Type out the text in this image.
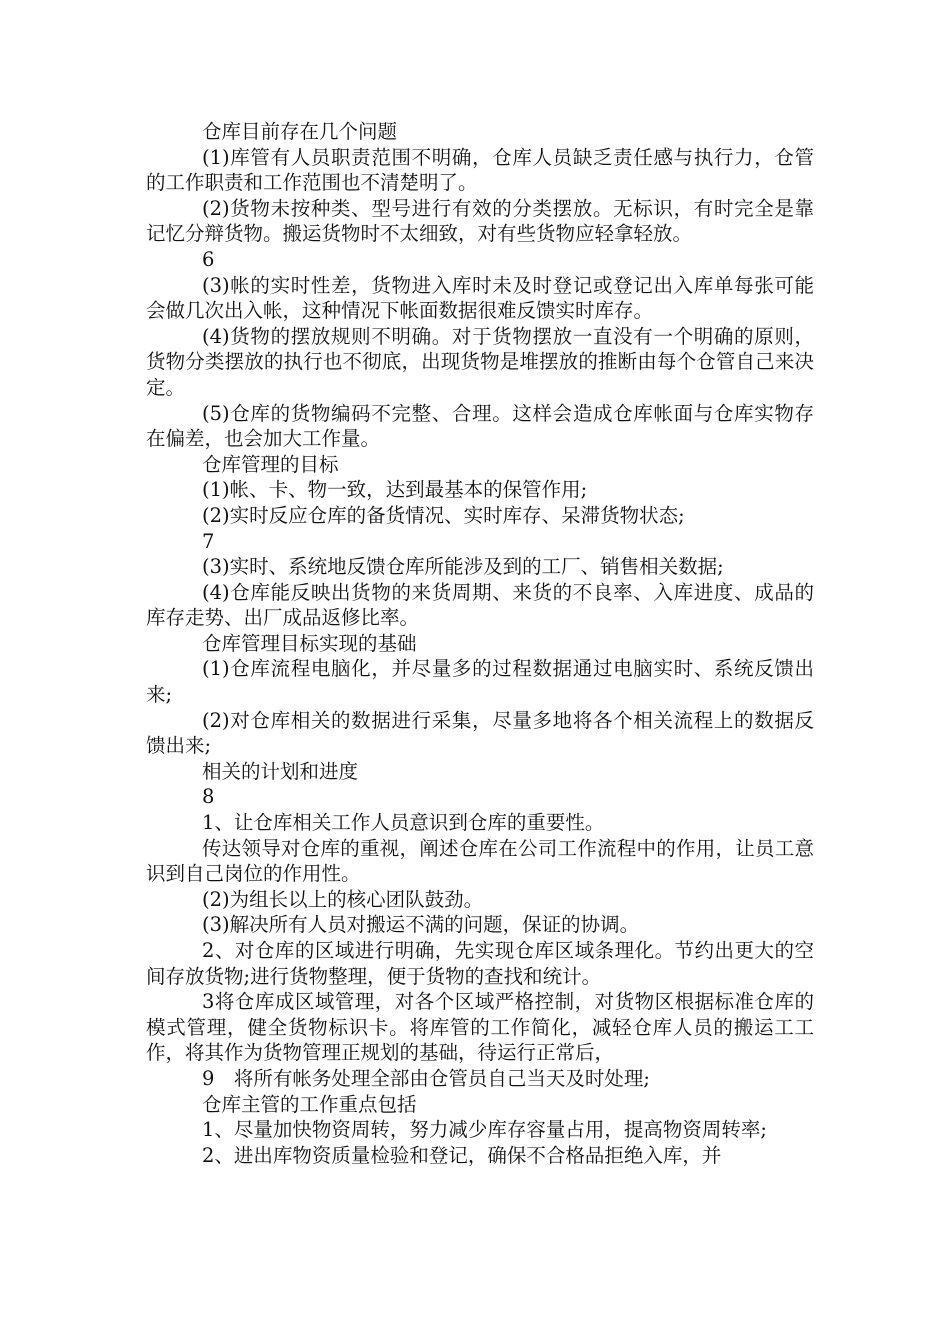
仓库目前存在几个问题

(1)库管有人员职责范围不明确，仓库人员缺乏责任感与执行力，仓管的工作职责和工作范围也不清楚明了。

(2)货物未按种类、型号进行有效的分类摆放。无标识，有时完全是靠记忆分辩货物。搬运货物时不太细致，对有些货物应轻拿轻放。

6

(3)帐的实时性差，货物进入库时未及时登记或登记出入库单每张可能会做几次出入帐，这种情况下帐面数据很难反馈实时库存。

(4)货物的摆放规则不明确。对于货物摆放一直没有一个明确的原则，货物分类摆放的执行也不彻底，出现货物是堆摆放的推断由每个仓管自己来决定。

(5)仓库的货物编码不完整、合理。这样会造成仓库帐面与仓库实物存在偏差，也会加大工作量。

仓库管理的目标

(1)帐、卡、物一致，达到最基本的保管作用;

(2)实时反应仓库的备货情况、实时库存、呆滞货物状态;

7

(3)实时、系统地反馈仓库所能涉及到的工厂、销售相关数据;

(4)仓库能反映出货物的来货周期、来货的不良率、入库进度、成品的库存走势、出厂成品返修比率。

仓库管理目标实现的基础

(1)仓库流程电脑化，并尽量多的过程数据通过电脑实时、系统反馈出来;

(2)对仓库相关的数据进行采集，尽量多地将各个相关流程上的数据反馈出来;

相关的计划和进度

8

1、让仓库相关工作人员意识到仓库的重要性。

传达领导对仓库的重视，阐述仓库在公司工作流程中的作用，让员工意识到自己岗位的作用性。

(2)为组长以上的核心团队鼓劲。

(3)解决所有人员对搬运不满的问题，保证的协调。

2、对仓库的区域进行明确，先实现仓库区域条理化。节约出更大的空间存放货物;进行货物整理，便于货物的查找和统计。

3将仓库成区域管理，对各个区域严格控制，对货物区根据标准仓库的模式管理，健全货物标识卡。将库管的工作简化，减轻仓库人员的搬运工工作，将其作为货物管理正规划的基础，待运行正常后，

9　将所有帐务处理全部由仓管员自己当天及时处理;

仓库主管的工作重点包括

1、尽量加快物资周转，努力减少库存容量占用，提高物资周转率;

2、进出库物资质量检验和登记，确保不合格品拒绝入库，并
